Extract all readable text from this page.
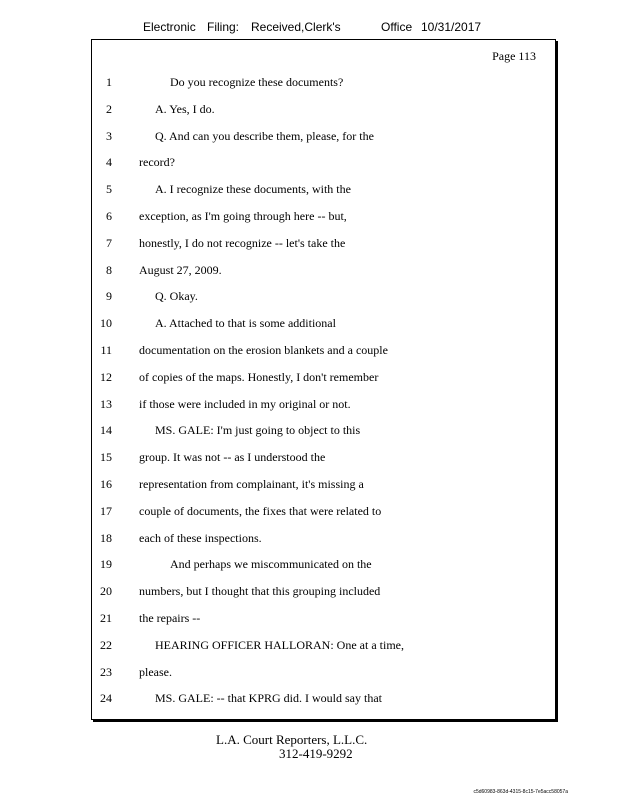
Electronic Filing: Received,Clerk's	Office 10/31/2017
Page 113
1	Do you recognize these documents?
2	A. Yes, I do.
3	Q. And can you describe them, please, for the
4 record?
5	A. I recognize these documents, with the
6 exception, as I'm going through here -- but,
7 honestly, I do not recognize -- let's take the
8 August 27, 2009.
9	Q. Okay.
10	A. Attached to that is some additional
11 documentation on the erosion blankets and a couple
12 of copies of the maps. Honestly, I don't remember
13 if those were included in my original or not.
14	MS. GALE: I'm just going to object to this
15 group. It was not -- as I understood the
16 representation from complainant, it's missing a
17 couple of documents, the fixes that were related to
18 each of these inspections.
19	And perhaps we miscommunicated on the
20 numbers, but I thought that this grouping included
21 the repairs --
22	HEARING OFFICER HALLORAN: One at a time,
23 please.
24	MS. GALE: -- that KPRG did. I would say that
L.A. Court Reporters, L.L.C.
312-419-9292
c5d60983-863d-4315-8c15-7e5acc58057a
